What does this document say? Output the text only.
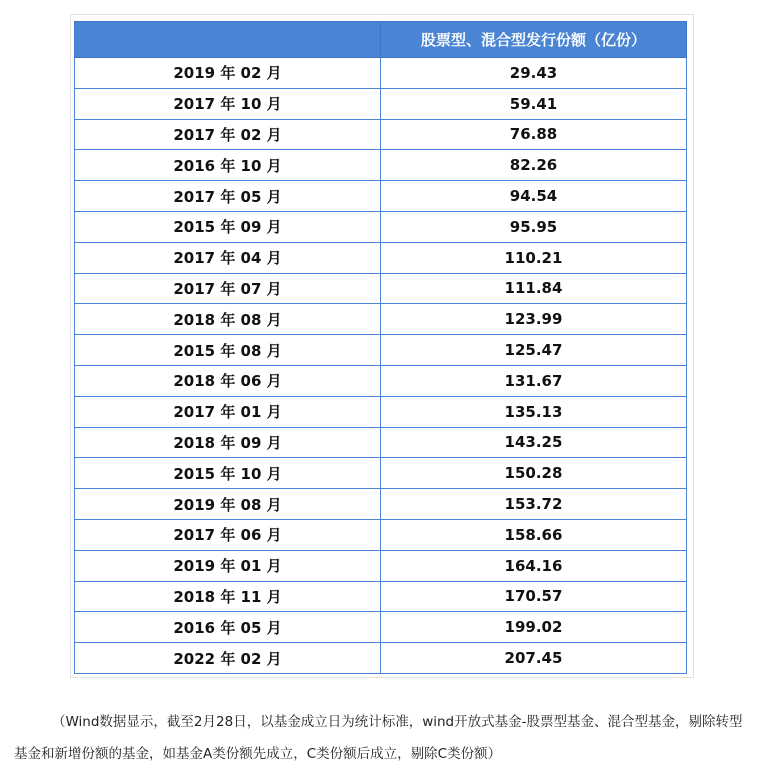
	股票型、混合型发行份额（亿份）
2019 年 02 月	29.43
2017 年 10 月	59.41
2017 年 02 月	76.88
2016 年 10 月	82.26
2017 年 05 月	94.54
2015 年 09 月	95.95
2017 年 04 月	110.21
2017 年 07 月	111.84
2018 年 08 月	123.99
2015 年 08 月	125.47
2018 年 06 月	131.67
2017 年 01 月	135.13
2018 年 09 月	143.25
2015 年 10 月	150.28
2019 年 08 月	153.72
2017 年 06 月	158.66
2019 年 01 月	164.16
2018 年 11 月	170.57
2016 年 05 月	199.02
2022 年 02 月	207.45

（Wind数据显示，截至2月28日，以基金成立日为统计标准，wind开放式基金-股票型基金、混合型基金，剔除转型基金和新增份额的基金，如基金A类份额先成立，C类份额后成立，剔除C类份额）
